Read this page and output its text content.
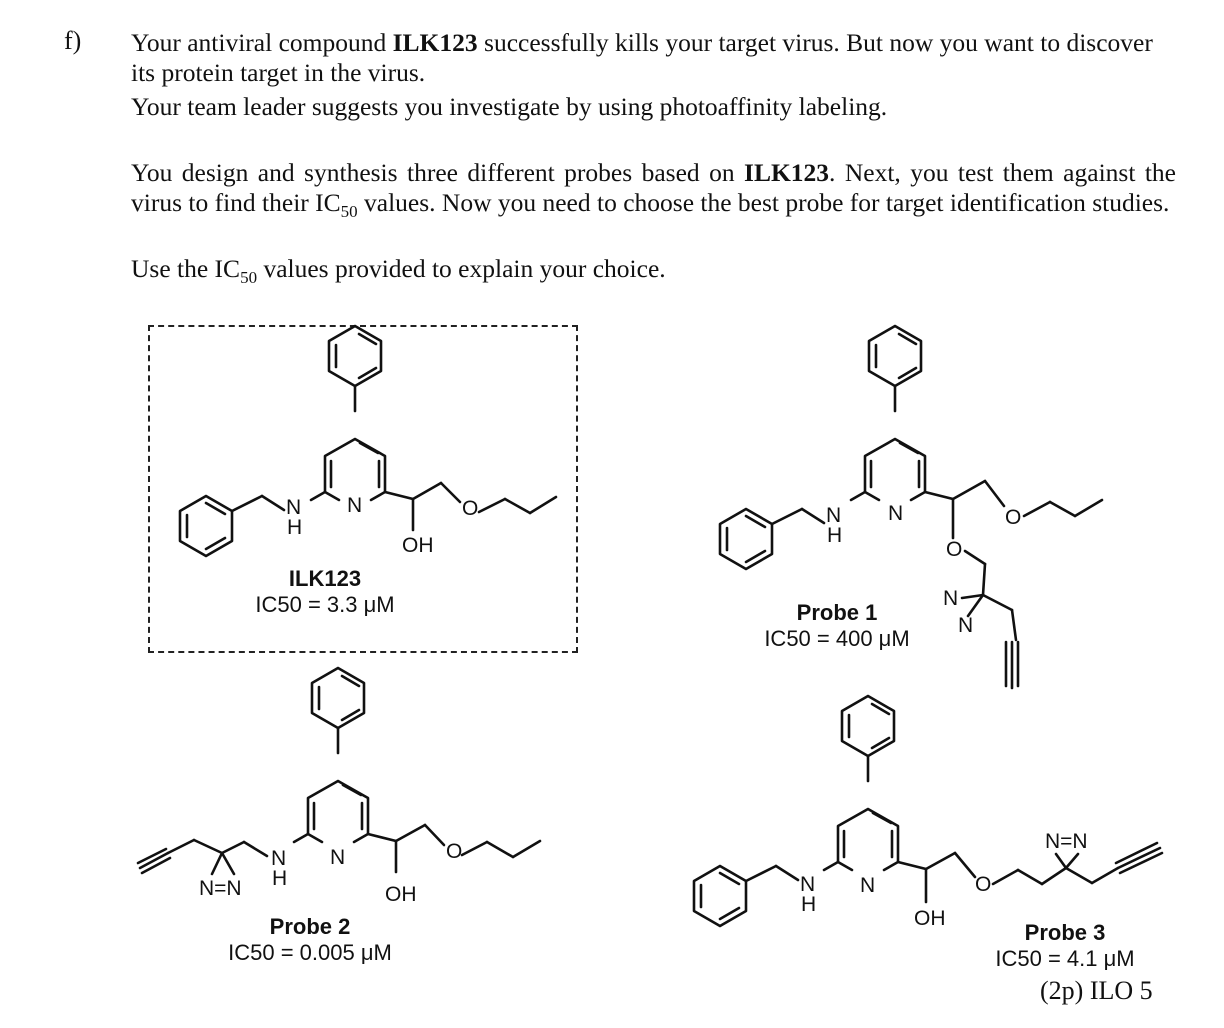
f) Your antiviral compound ILK123 successfully kills your target virus. But now you want to discover its protein target in the virus.

Your team leader suggests you investigate by using photoaffinity labeling.

You design and synthesis three different probes based on ILK123. Next, you test them against the virus to find their $IC_{50}$ values. Now you need to choose the best probe for target identification studies.

Use the $IC_{50}$ values provided to explain your choice.

N
H
N	O
OH
N
H
N	O
O
N
N
N
H
N	O
OH
N=N	N
H
N	O
OH
N=N
ILK123
IC50 = 3.3 μM	Probe 1
IC50 = 400 μM
Probe 2
IC50 = 0.005 μM
Probe 3
IC50 = 4.1 μM
(2p) ILO 5
